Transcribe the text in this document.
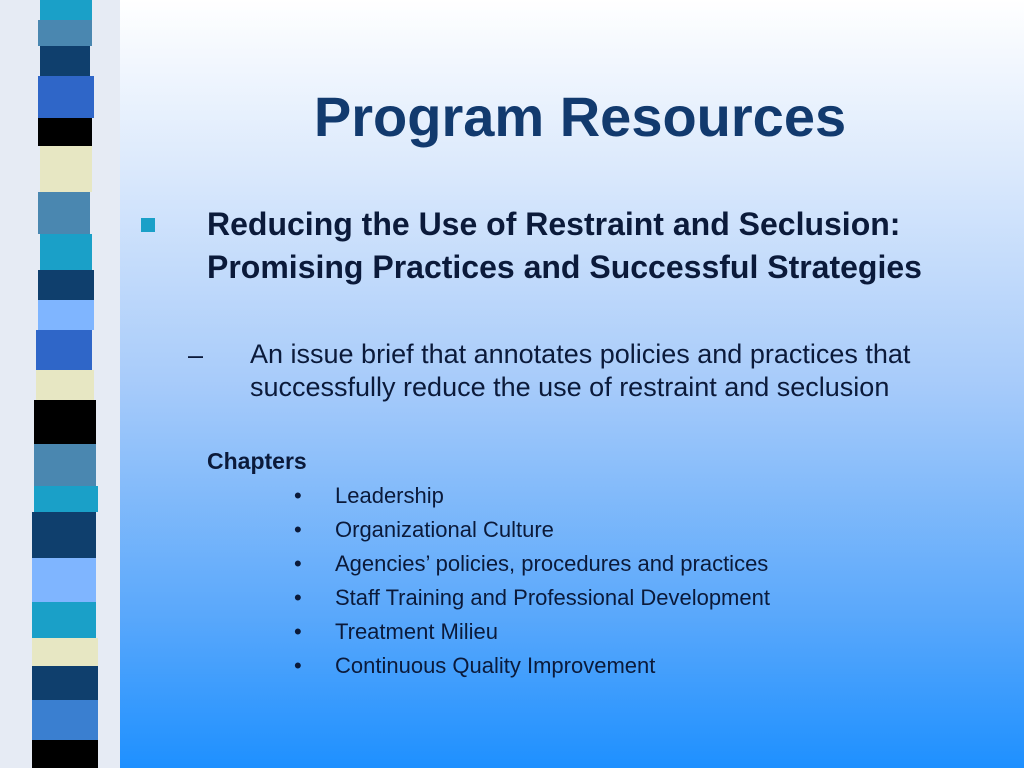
Program Resources
Reducing the Use of Restraint and Seclusion: Promising Practices and Successful Strategies
– An issue brief that annotates policies and practices that successfully reduce the use of restraint and seclusion
Chapters
• Leadership
• Organizational Culture
• Agencies’ policies, procedures and practices
• Staff Training and Professional Development
• Treatment Milieu
• Continuous Quality Improvement
